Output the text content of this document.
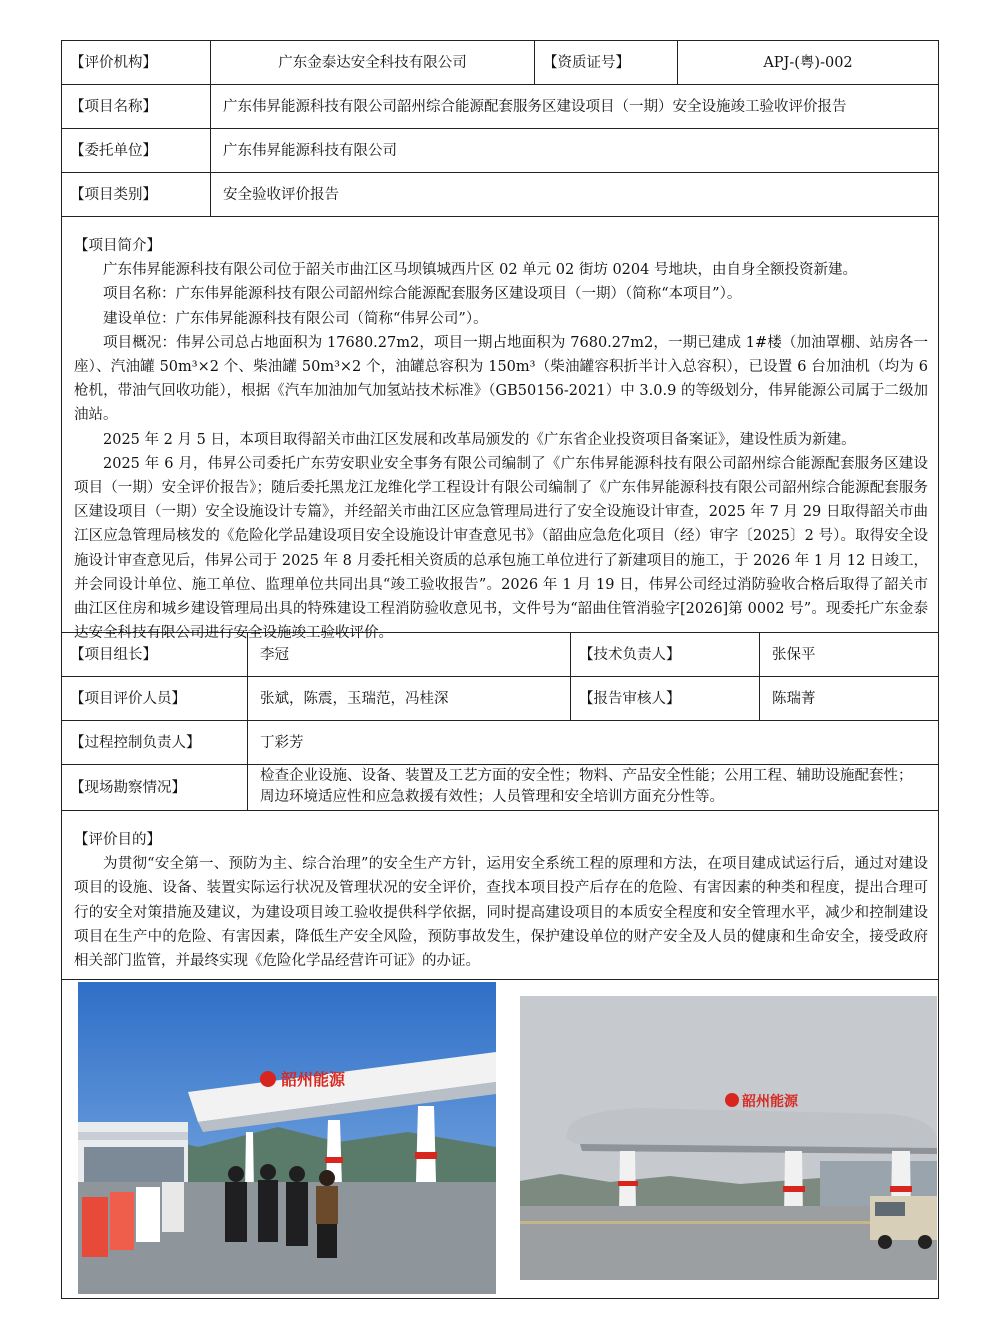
【评价机构】	广东金泰达安全科技有限公司	【资质证号】	APJ-(粤)-002
【项目名称】	广东伟昇能源科技有限公司韶州综合能源配套服务区建设项目（一期）安全设施竣工验收评价报告
【委托单位】	广东伟昇能源科技有限公司
【项目类别】	安全验收评价报告

【项目简介】

广东伟昇能源科技有限公司位于韶关市曲江区马坝镇城西片区 02 单元 02 街坊 0204 号地块，由自身全额投资新建。

项目名称：广东伟昇能源科技有限公司韶州综合能源配套服务区建设项目（一期）（简称“本项目”）。

建设单位：广东伟昇能源科技有限公司（简称“伟昇公司”）。

项目概况：伟昇公司总占地面积为 17680.27m2，项目一期占地面积为 7680.27m2，一期已建成 1#楼（加油罩棚、站房各一座）、汽油罐 50m³×2 个、柴油罐 50m³×2 个，油罐总容积为 150m³（柴油罐容积折半计入总容积），已设置 6 台加油机（均为 6 枪机，带油气回收功能），根据《汽车加油加气加氢站技术标准》（GB50156-2021）中 3.0.9 的等级划分，伟昇能源公司属于二级加油站。

2025 年 2 月 5 日，本项目取得韶关市曲江区发展和改革局颁发的《广东省企业投资项目备案证》，建设性质为新建。

2025 年 6 月，伟昇公司委托广东劳安职业安全事务有限公司编制了《广东伟昇能源科技有限公司韶州综合能源配套服务区建设项目（一期）安全评价报告》；随后委托黑龙江龙维化学工程设计有限公司编制了《广东伟昇能源科技有限公司韶州综合能源配套服务区建设项目（一期）安全设施设计专篇》，并经韶关市曲江区应急管理局进行了安全设施设计审查，2025 年 7 月 29 日取得韶关市曲江区应急管理局核发的《危险化学品建设项目安全设施设计审查意见书》（韶曲应急危化项目（经）审字〔2025〕2 号）。取得安全设施设计审查意见后，伟昇公司于 2025 年 8 月委托相关资质的总承包施工单位进行了新建项目的施工，于 2026 年 1 月 12 日竣工，并会同设计单位、施工单位、监理单位共同出具“竣工验收报告”。2026 年 1 月 19 日，伟昇公司经过消防验收合格后取得了韶关市曲江区住房和城乡建设管理局出具的特殊建设工程消防验收意见书，文件号为“韶曲住管消验字[2026]第 0002 号”。现委托广东金泰达安全科技有限公司进行安全设施竣工验收评价。

【项目组长】	李冠	【技术负责人】	张保平
【项目评价人员】	张斌，陈震，玉瑞范，冯桂深	【报告审核人】	陈瑞菁
【过程控制负责人】	丁彩芳
【现场勘察情况】
检查企业设施、设备、装置及工艺方面的安全性；物料、产品安全性能；公用工程、辅助设施配套性；
周边环境适应性和应急救援有效性；人员管理和安全培训方面充分性等。

【评价目的】

为贯彻“安全第一、预防为主、综合治理”的安全生产方针，运用安全系统工程的原理和方法，在项目建成试运行后，通过对建设项目的设施、设备、装置实际运行状况及管理状况的安全评价，查找本项目投产后存在的危险、有害因素的种类和程度，提出合理可行的安全对策措施及建议，为建设项目竣工验收提供科学依据，同时提高建设项目的本质安全程度和安全管理水平，减少和控制建设项目在生产中的危险、有害因素，降低生产安全风险，预防事故发生，保护建设单位的财产安全及人员的健康和生命安全，接受政府相关部门监管，并最终实现《危险化学品经营许可证》的办证。

韶州能源
韶州能源
